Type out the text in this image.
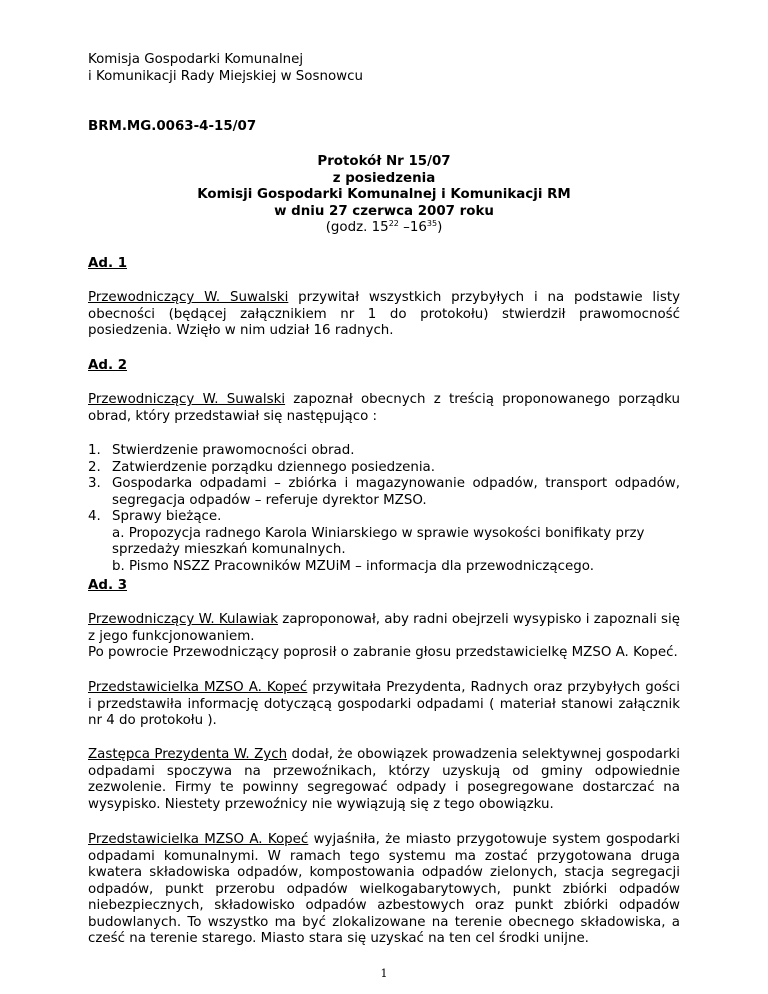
Komisja Gospodarki Komunalnej
i Komunikacji Rady Miejskiej w Sosnowcu
BRM.MG.0063-4-15/07
Protokół Nr 15/07
z posiedzenia
Komisji Gospodarki Komunalnej i Komunikacji RM
w dniu 27 czerwca 2007 roku
(godz. $15^{22}$ $-16^{35}$)
Ad. 1
Przewodniczący W. Suwalski przywitał wszystkich przybyłych i na podstawie listy obecności (będącej załącznikiem nr 1 do protokołu) stwierdził prawomocność posiedzenia. Wzięło w nim udział 16 radnych.
Ad. 2
Przewodniczący W. Suwalski zapoznał obecnych z treścią proponowanego porządku obrad, który przedstawiał się następująco :
1. Stwierdzenie prawomocności obrad.
2. Zatwierdzenie porządku dziennego posiedzenia.
3. Gospodarka odpadami – zbiórka i magazynowanie odpadów, transport odpadów, segregacja odpadów – referuje dyrektor MZSO.
4. Sprawy bieżące.
a. Propozycja radnego Karola Winiarskiego w sprawie wysokości bonifikaty przy sprzedaży mieszkań komunalnych.
b. Pismo NSZZ Pracowników MZUiM – informacja dla przewodniczącego.
Ad. 3
Przewodniczący W. Kulawiak zaproponował, aby radni obejrzeli wysypisko i zapoznali się z jego funkcjonowaniem.
Po powrocie Przewodniczący poprosił o zabranie głosu przedstawicielkę MZSO A. Kopeć.
Przedstawicielka MZSO A. Kopeć przywitała Prezydenta, Radnych oraz przybyłych gości i przedstawiła informację dotyczącą gospodarki odpadami ( materiał stanowi załącznik nr 4 do protokołu ).
Zastępca Prezydenta W. Zych dodał, że obowiązek prowadzenia selektywnej gospodarki odpadami spoczywa na przewoźnikach, którzy uzyskują od gminy odpowiednie zezwolenie. Firmy te powinny segregować odpady i posegregowane dostarczać na wysypisko. Niestety przewoźnicy nie wywiązują się z tego obowiązku.
Przedstawicielka MZSO A. Kopeć wyjaśniła, że miasto przygotowuje system gospodarki odpadami komunalnymi. W ramach tego systemu ma zostać przygotowana druga kwatera składowiska odpadów, kompostowania odpadów zielonych, stacja segregacji odpadów, punkt przerobu odpadów wielkogabarytowych, punkt zbiórki odpadów niebezpiecznych, składowisko odpadów azbestowych oraz punkt zbiórki odpadów budowlanych. To wszystko ma być zlokalizowane na terenie obecnego składowiska, a cześć na terenie starego. Miasto stara się uzyskać na ten cel środki unijne.
1
